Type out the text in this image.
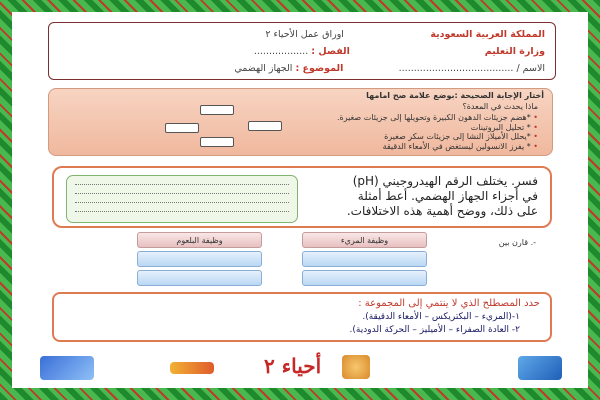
المملكة العربية السعودية
اوراق عمل الأحياء ٢
وزارة التعليم
الفصل : ..................
الاسم / ......................................
الموضوع : الجهاز الهضمي
أختار الإجابة الصحيحة :بوضع علامة صح امامها
ماذا يحدث في المعدة؟
• *هضم جزيئات الدهون الكبيرة وتحويلها إلى جزيئات صغيرة.
• * تحليل البروتينات
• *يحلل الأميلاز النشا إلى جزيئات سكر صغيرة
• * يفرز الانسولين ليستغض في الأمعاء الدقيقة
فسر. يختلف الرقم الهيدروجيني (pH) في أجزاء الجهاز الهضمي. أعط أمثلة على ذلك، ووضح أهمية هذه الاختلافات.
-. قارن بين
وظيفة المريء
وظيفة البلعوم
حدد المصطلح الذي لا ينتمي إلى المجموعة :
١-(المريء – البكتريكس – الأمعاء الدقيقة).
٢- العادة الصفراء – الأميليز – الحركة الدودية).
أحياء ٢
